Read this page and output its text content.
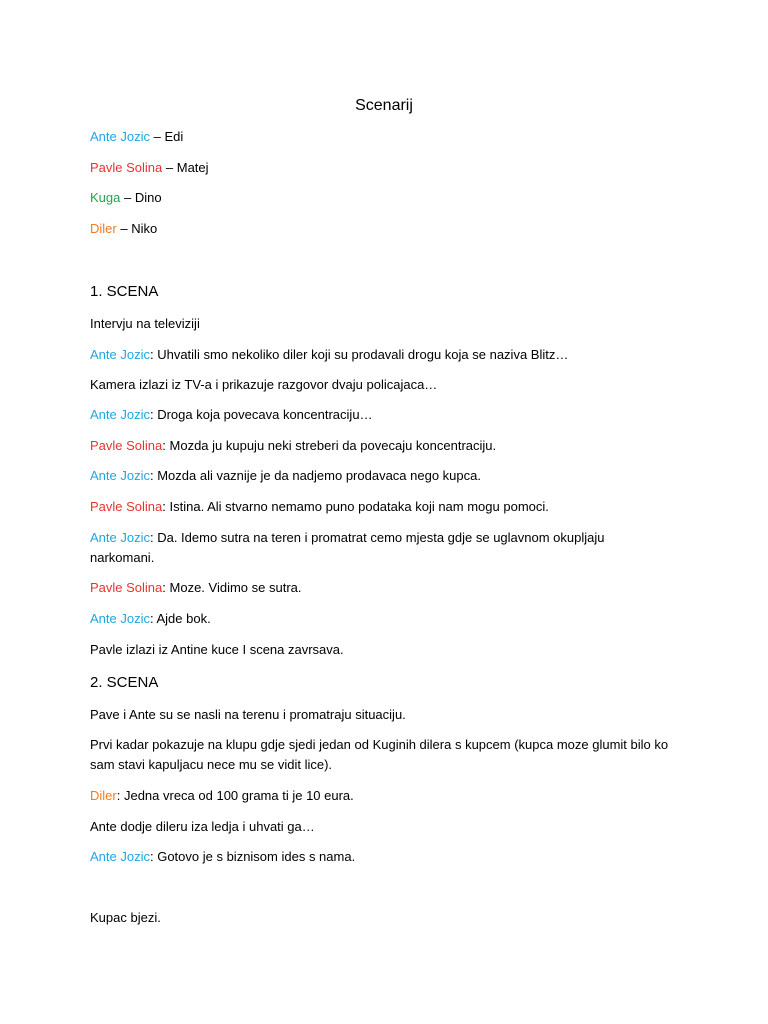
Scenarij
Ante Jozic – Edi
Pavle Solina – Matej
Kuga – Dino
Diler – Niko
1. SCENA
Intervju na televiziji
Ante Jozic: Uhvatili smo nekoliko diler koji su prodavali drogu koja se naziva Blitz…
Kamera izlazi iz TV-a i prikazuje razgovor dvaju policajaca…
Ante Jozic: Droga koja povecava koncentraciju…
Pavle Solina: Mozda ju kupuju neki streberi da povecaju koncentraciju.
Ante Jozic: Mozda ali vaznije je da nadjemo prodavaca nego kupca.
Pavle Solina: Istina. Ali stvarno nemamo puno podataka koji nam mogu pomoci.
Ante Jozic: Da. Idemo sutra na teren i promatrat cemo mjesta gdje se uglavnom okupljaju narkomani.
Pavle Solina: Moze. Vidimo se sutra.
Ante Jozic: Ajde bok.
Pavle izlazi iz Antine kuce I scena zavrsava.
2. SCENA
Pave i Ante su se nasli na terenu i promatraju situaciju.
Prvi kadar pokazuje na klupu gdje sjedi jedan od Kuginih dilera s kupcem (kupca moze glumit bilo ko sam stavi kapuljacu nece mu se vidit lice).
Diler: Jedna vreca od 100 grama ti je 10 eura.
Ante dodje dileru iza ledja i uhvati ga…
Ante Jozic: Gotovo je s biznisom ides s nama.
Kupac bjezi.
